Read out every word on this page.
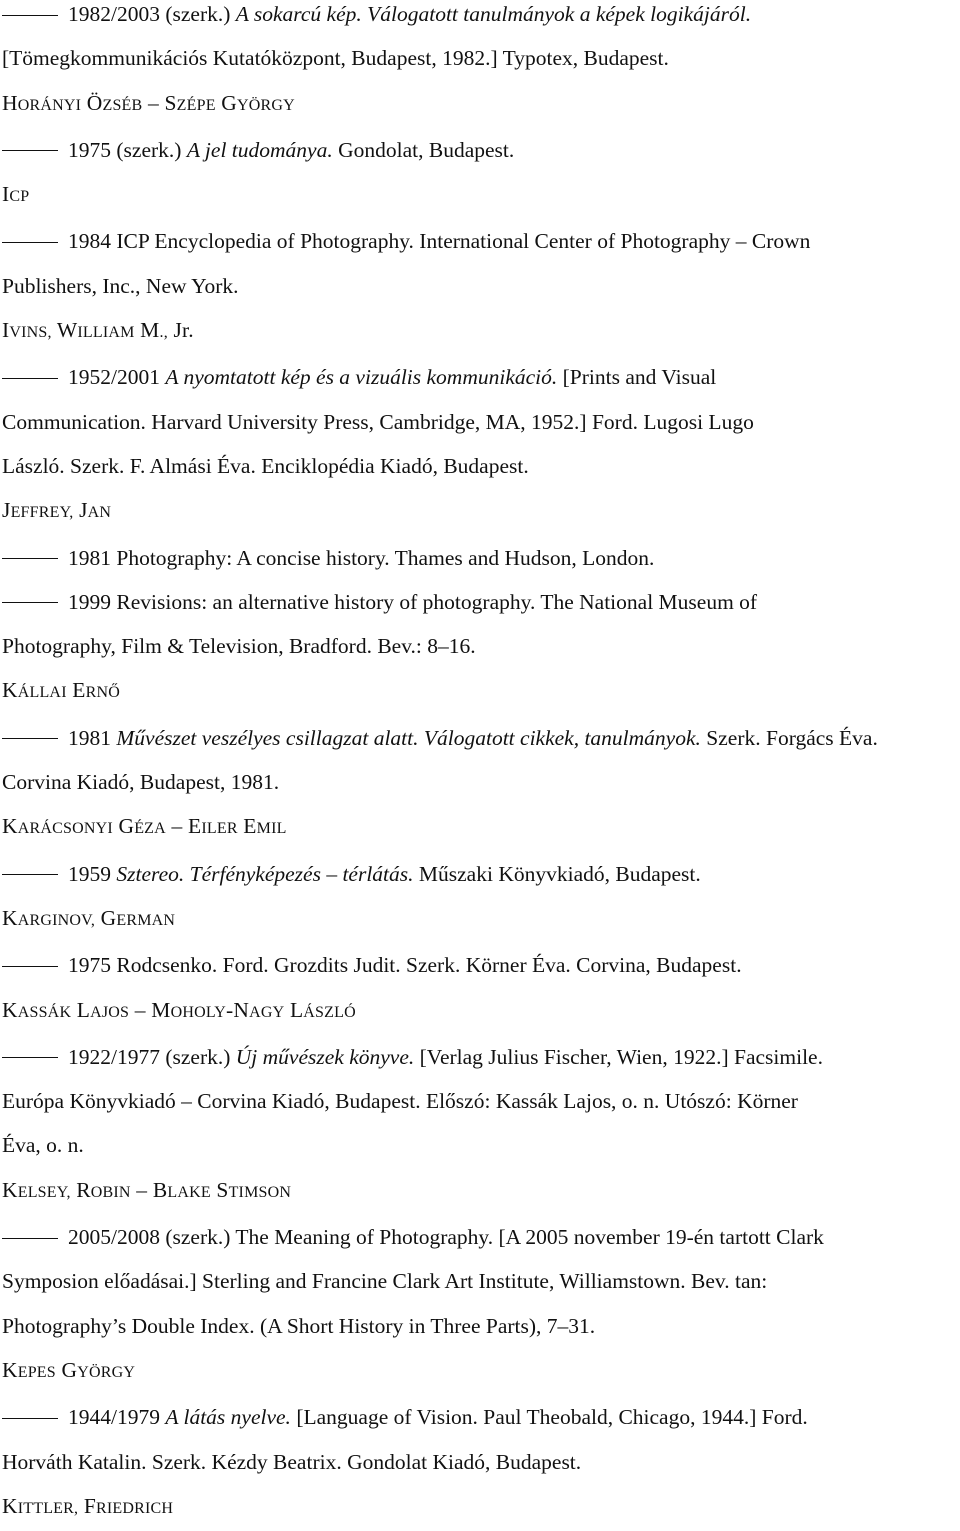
1982/2003 (szerk.) A sokarcú kép. Válogatott tanulmányok a képek logikájáról.
[Tömegkommunikációs Kutatóközpont, Budapest, 1982.] Typotex, Budapest.
HORÁNYI ÖZSÉB – SZÉPE GYÖRGY
1975 (szerk.) A jel tudománya. Gondolat, Budapest.
ICP
1984 ICP Encyclopedia of Photography. International Center of Photography – Crown
Publishers, Inc., New York.
IVINS, WILLIAM M., Jr.
1952/2001 A nyomtatott kép és a vizuális kommunikáció. [Prints and Visual
Communication. Harvard University Press, Cambridge, MA, 1952.] Ford. Lugosi Lugo
László. Szerk. F. Almási Éva. Enciklopédia Kiadó, Budapest.
JEFFREY, JAN
1981 Photography: A concise history. Thames and Hudson, London.
1999 Revisions: an alternative history of photography. The National Museum of
Photography, Film & Television, Bradford. Bev.: 8–16.
KÁLLAI ERNŐ
1981 Művészet veszélyes csillagzat alatt. Válogatott cikkek, tanulmányok. Szerk. Forgács Éva.
Corvina Kiadó, Budapest, 1981.
KARÁCSONYI GÉZA – EILER EMIL
1959 Sztereo. Térfényképezés – térlátás. Műszaki Könyvkiadó, Budapest.
KARGINOV, GERMAN
1975 Rodcsenko. Ford. Grozdits Judit. Szerk. Körner Éva. Corvina, Budapest.
KASSÁK LAJOS – MOHOLY-NAGY LÁSZLÓ
1922/1977 (szerk.) Új művészek könyve. [Verlag Julius Fischer, Wien, 1922.] Facsimile.
Európa Könyvkiadó – Corvina Kiadó, Budapest. Előszó: Kassák Lajos, o. n. Utószó: Körner
Éva, o. n.
KELSEY, ROBIN – BLAKE STIMSON
2005/2008 (szerk.) The Meaning of Photography. [A 2005 november 19-én tartott Clark
Symposion előadásai.] Sterling and Francine Clark Art Institute, Williamstown. Bev. tan:
Photography’s Double Index. (A Short History in Three Parts), 7–31.
KEPES GYÖRGY
1944/1979 A látás nyelve. [Language of Vision. Paul Theobald, Chicago, 1944.] Ford.
Horváth Katalin. Szerk. Kézdy Beatrix. Gondolat Kiadó, Budapest.
KITTLER, FRIEDRICH
